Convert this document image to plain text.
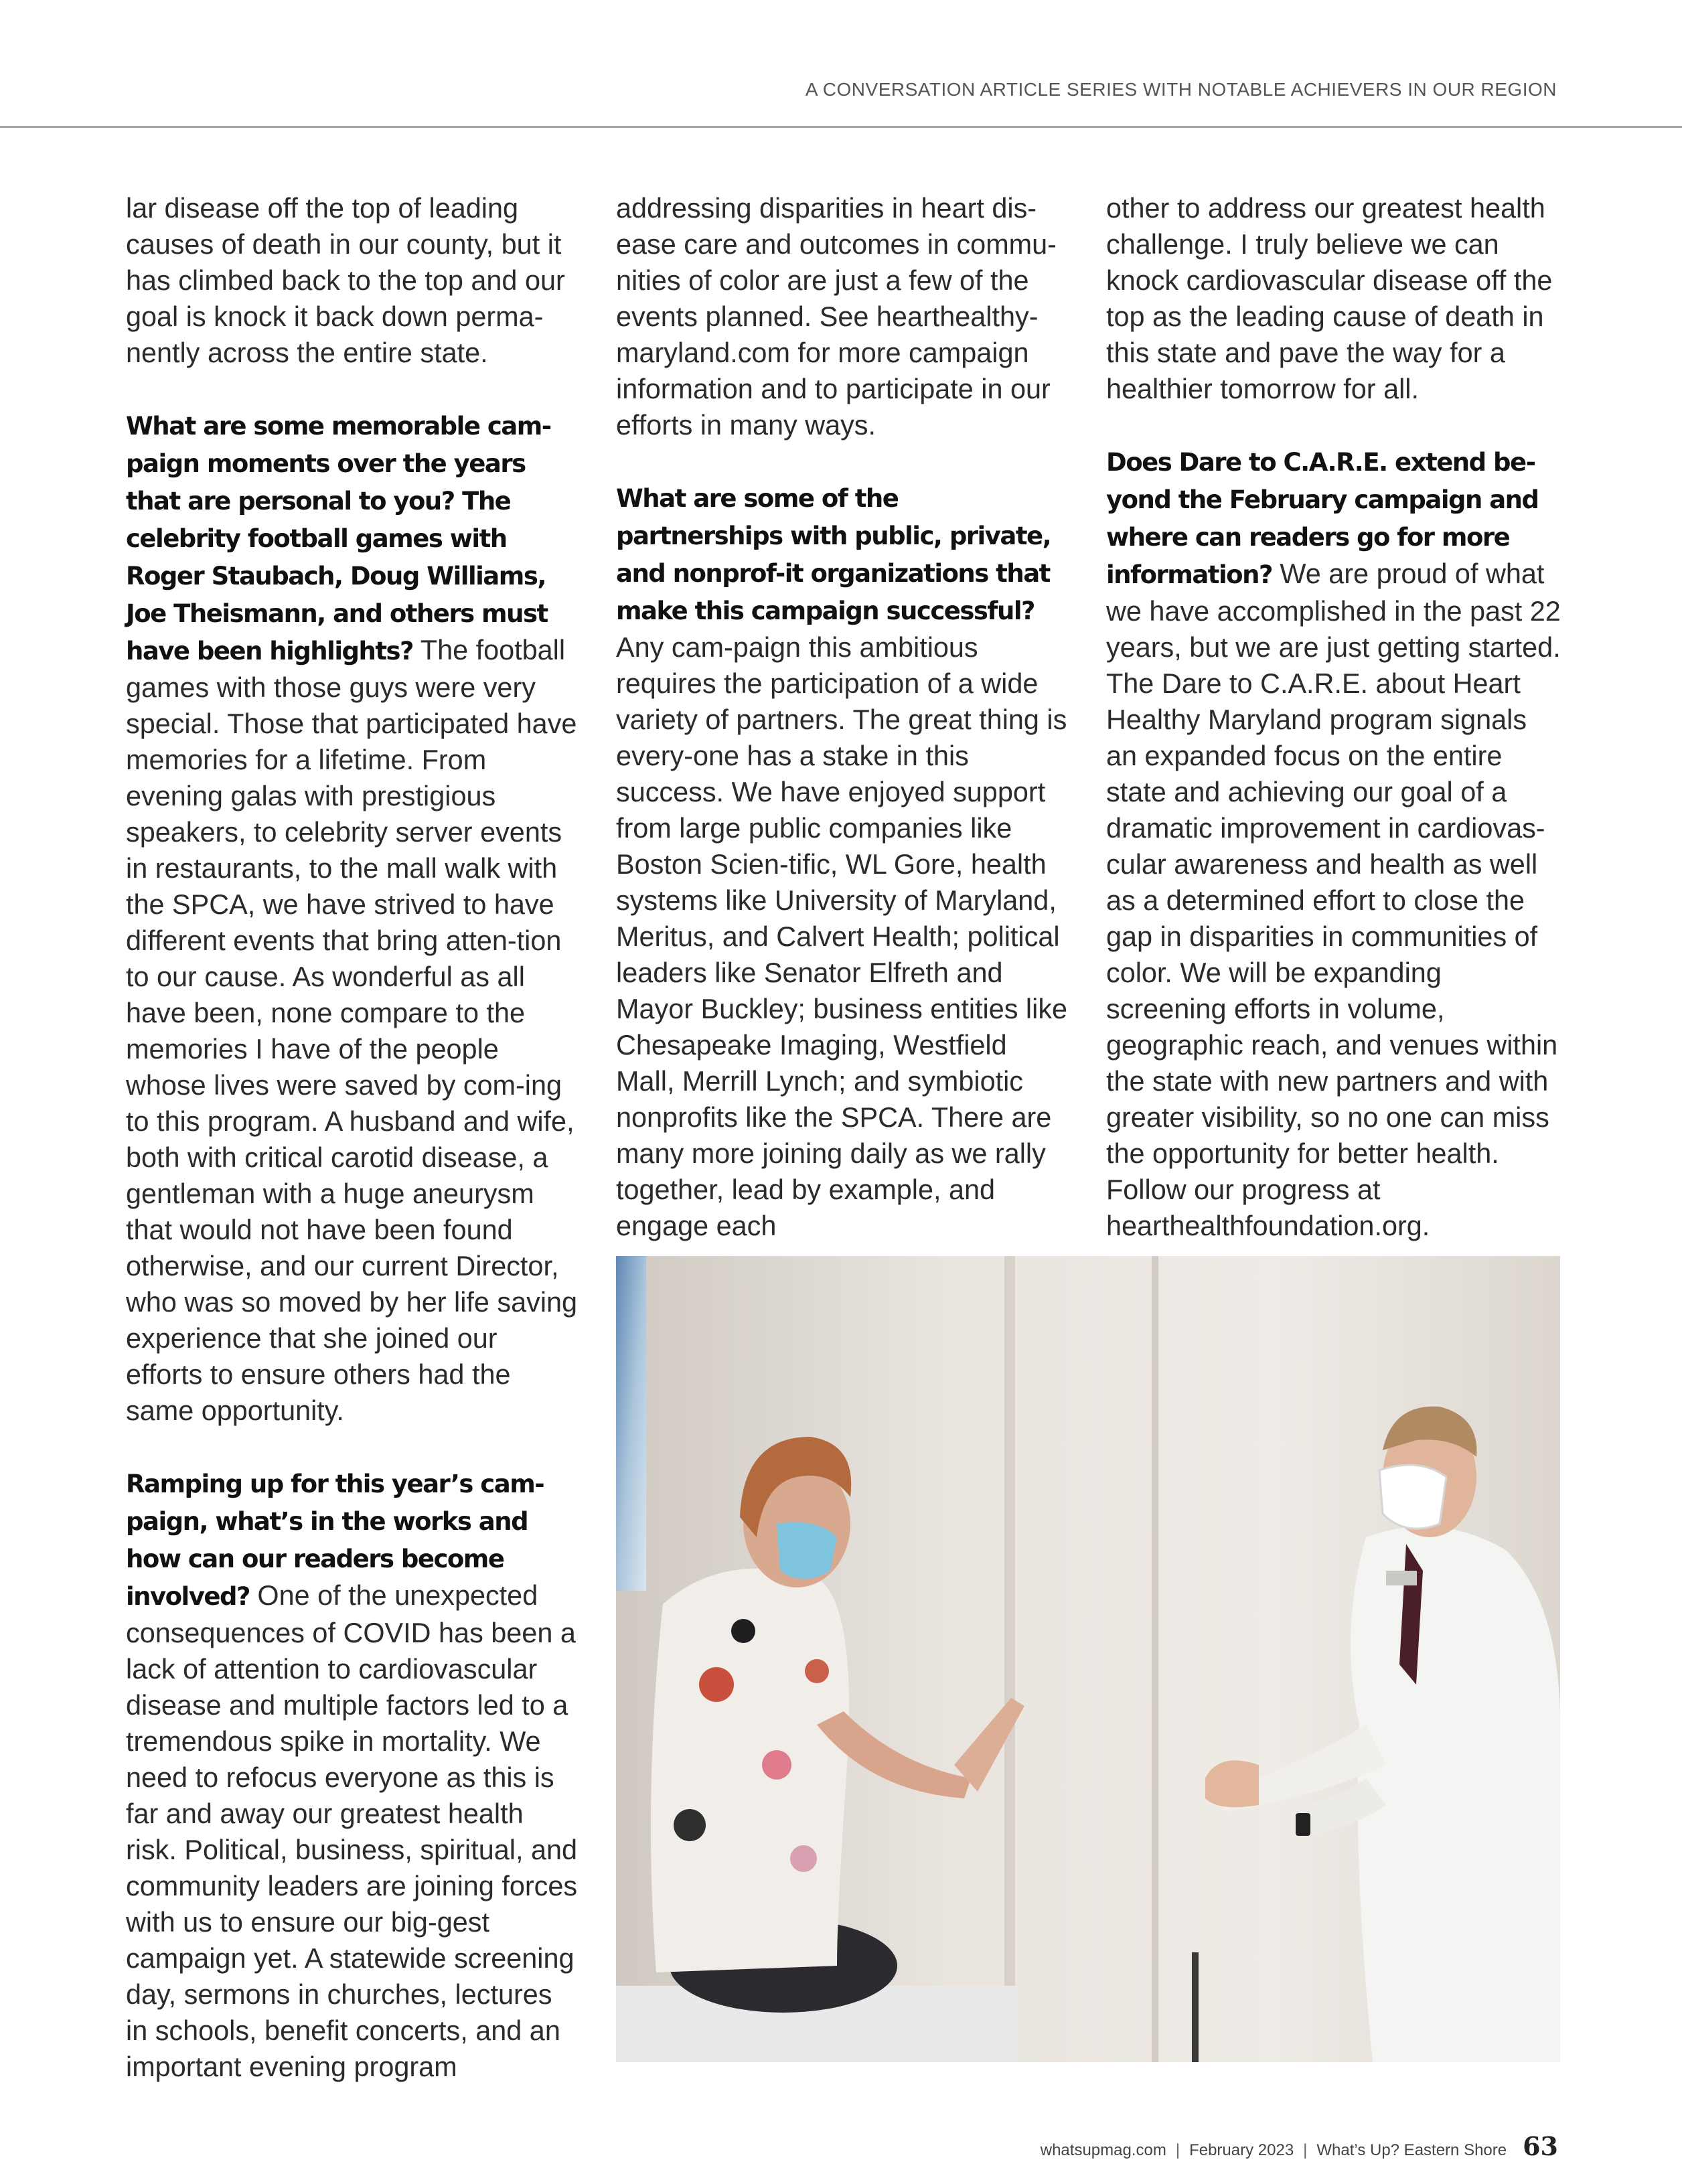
A CONVERSATION ARTICLE SERIES WITH NOTABLE ACHIEVERS IN OUR REGION

lar disease off the top of leading causes of death in our county, but it has climbed back to the top and our goal is knock it back down perma-nently across the entire state.

What are some memorable cam-paign moments over the years that are personal to you? The celebrity football games with Roger Staubach, Doug Williams, Joe Theismann, and others must have been highlights? The football games with those guys were very special. Those that participated have memories for a lifetime. From evening galas with prestigious speakers, to celebrity server events in restaurants, to the mall walk with the SPCA, we have strived to have different events that bring atten-tion to our cause. As wonderful as all have been, none compare to the memories I have of the people whose lives were saved by com-ing to this program. A husband and wife, both with critical carotid disease, a gentleman with a huge aneurysm that would not have been found otherwise, and our current Director, who was so moved by her life saving experience that she joined our efforts to ensure others had the same opportunity.

Ramping up for this year’s cam-paign, what’s in the works and how can our readers become involved? One of the unexpected consequences of COVID has been a lack of attention to cardiovascular disease and multiple factors led to a tremendous spike in mortality. We need to refocus everyone as this is far and away our greatest health risk. Political, business, spiritual, and community leaders are joining forces with us to ensure our big-gest campaign yet. A statewide screening day, sermons in churches, lectures in schools, benefit concerts, and an important evening program

addressing disparities in heart dis-ease care and outcomes in commu-nities of color are just a few of the events planned. See hearthealthy-maryland.com for more campaign information and to participate in our efforts in many ways.

What are some of the partnerships with public, private, and nonprof-it organizations that make this campaign successful? Any cam-paign this ambitious requires the participation of a wide variety of partners. The great thing is every-one has a stake in this success. We have enjoyed support from large public companies like Boston Scien-tific, WL Gore, health systems like University of Maryland, Meritus, and Calvert Health; political leaders like Senator Elfreth and Mayor Buckley; business entities like Chesapeake Imaging, Westfield Mall, Merrill Lynch; and symbiotic nonprofits like the SPCA. There are many more joining daily as we rally together, lead by example, and engage each

other to address our greatest health challenge. I truly believe we can knock cardiovascular disease off the top as the leading cause of death in this state and pave the way for a healthier tomorrow for all.

Does Dare to C.A.R.E. extend be-yond the February campaign and where can readers go for more information? We are proud of what we have accomplished in the past 22 years, but we are just getting started. The Dare to C.A.R.E. about Heart Healthy Maryland program signals an expanded focus on the entire state and achieving our goal of a dramatic improvement in cardiovas-cular awareness and health as well as a determined effort to close the gap in disparities in communities of color. We will be expanding screening efforts in volume, geographic reach, and venues within the state with new partners and with greater visibility, so no one can miss the opportunity for better health. Follow our progress at hearthealthfoundation.org.

whatsupmag.com | February 2023 | What’s Up? Eastern Shore 63
